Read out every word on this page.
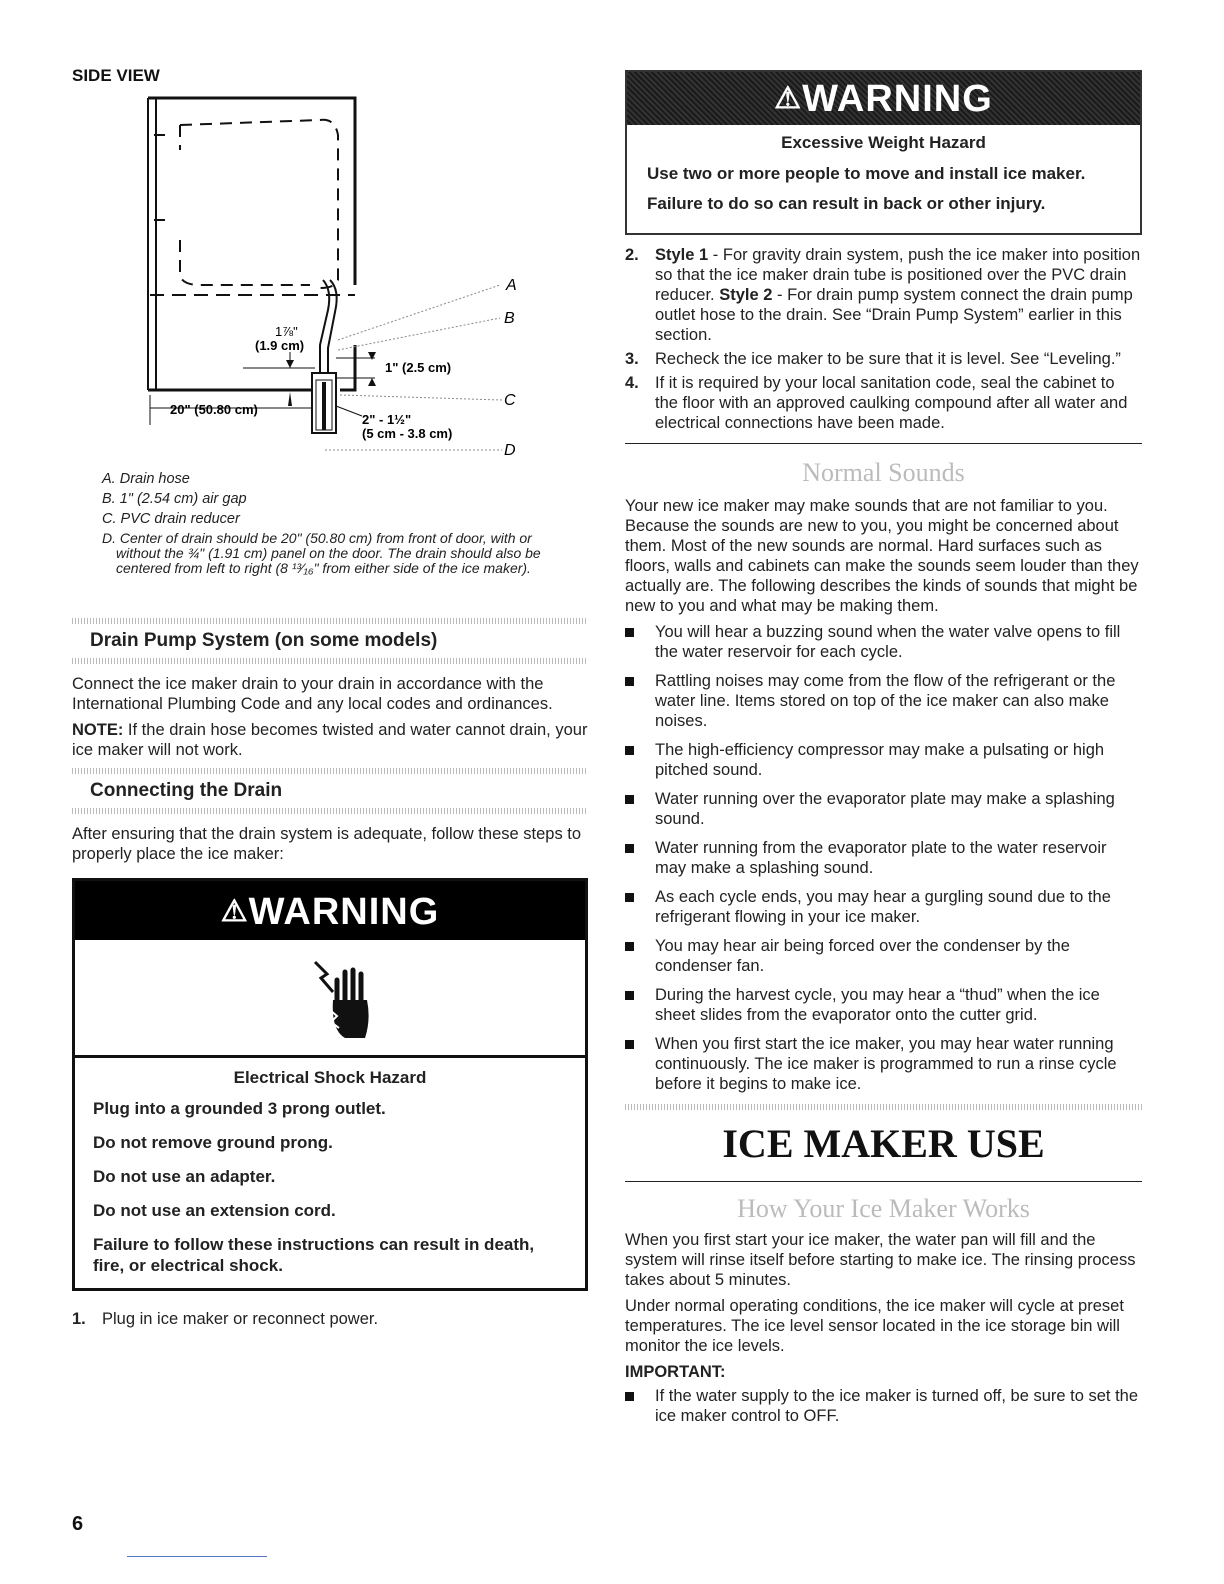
SIDE VIEW
1⅞"
(1.9 cm)
1" (2.5 cm)
20" (50.80 cm)
2" - 1½"
(5 cm - 3.8 cm)
A
B
C
D
A. Drain hose
B. 1" (2.54 cm) air gap
C. PVC drain reducer
D. Center of drain should be 20" (50.80 cm) from front of door, with or without the ¾" (1.91 cm) panel on the door. The drain should also be centered from left to right (8 ¹³⁄₁₆" from either side of the ice maker).
Drain Pump System (on some models)

Connect the ice maker drain to your drain in accordance with the International Plumbing Code and any local codes and ordinances.

NOTE: If the drain hose becomes twisted and water cannot drain, your ice maker will not work.

Connecting the Drain

After ensuring that the drain system is adequate, follow these steps to properly place the ice maker:

⚠WARNING
Electrical Shock Hazard
Plug into a grounded 3 prong outlet.
Do not remove ground prong.
Do not use an adapter.
Do not use an extension cord.
Failure to follow these instructions can result in death, fire, or electrical shock.
1. Plug in ice maker or reconnect power.
⚠WARNING
Excessive Weight Hazard
Use two or more people to move and install ice maker.
Failure to do so can result in back or other injury.
2. Style 1 - For gravity drain system, push the ice maker into position so that the ice maker drain tube is positioned over the PVC drain reducer. Style 2 - For drain pump system connect the drain pump outlet hose to the drain. See “Drain Pump System” earlier in this section.
3. Recheck the ice maker to be sure that it is level. See “Leveling.”
4. If it is required by your local sanitation code, seal the cabinet to the floor with an approved caulking compound after all water and electrical connections have been made.
Normal Sounds

Your new ice maker may make sounds that are not familiar to you. Because the sounds are new to you, you might be concerned about them. Most of the new sounds are normal. Hard surfaces such as floors, walls and cabinets can make the sounds seem louder than they actually are. The following describes the kinds of sounds that might be new to you and what may be making them.

You will hear a buzzing sound when the water valve opens to fill the water reservoir for each cycle.
Rattling noises may come from the flow of the refrigerant or the water line. Items stored on top of the ice maker can also make noises.
The high-efficiency compressor may make a pulsating or high pitched sound.
Water running over the evaporator plate may make a splashing sound.
Water running from the evaporator plate to the water reservoir may make a splashing sound.
As each cycle ends, you may hear a gurgling sound due to the refrigerant flowing in your ice maker.
You may hear air being forced over the condenser by the condenser fan.
During the harvest cycle, you may hear a “thud” when the ice sheet slides from the evaporator onto the cutter grid.
When you first start the ice maker, you may hear water running continuously. The ice maker is programmed to run a rinse cycle before it begins to make ice.
ICE MAKER USE
How Your Ice Maker Works

When you first start your ice maker, the water pan will fill and the system will rinse itself before starting to make ice. The rinsing process takes about 5 minutes.

Under normal operating conditions, the ice maker will cycle at preset temperatures. The ice level sensor located in the ice storage bin will monitor the ice levels.

IMPORTANT:

If the water supply to the ice maker is turned off, be sure to set the ice maker control to OFF.
6
